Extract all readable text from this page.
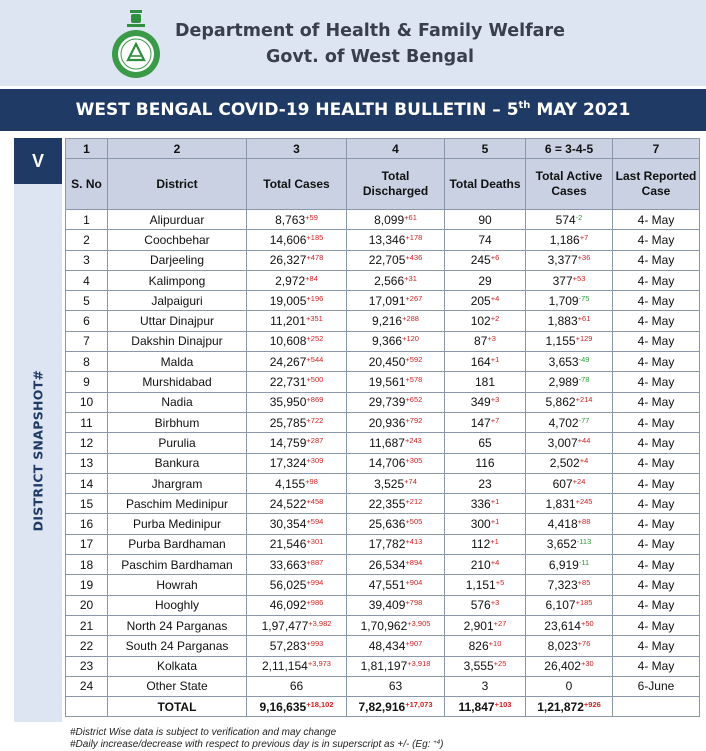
Department of Health & Family Welfare
Govt. of West Bengal
WEST BENGAL COVID-19 HEALTH BULLETIN – 5th MAY 2021
V
DISTRICT SNAPSHOT#
1	2	3	4	5	6 = 3-4-5	7
S. No	District	Total Cases	Total Discharged	Total Deaths	Total Active Cases	Last Reported Case
1	Alipurduar	$8,763^{+59}$	$8,099^{+61}$	90	$574^{-2}$	4- May
2	Coochbehar	$14,606^{+185}$	$13,346^{+178}$	74	$1,186^{+7}$	4- May
3	Darjeeling	$26,327^{+478}$	$22,705^{+436}$	$245^{+6}$	$3,377^{+36}$	4- May
4	Kalimpong	$2,972^{+84}$	$2,566^{+31}$	29	$377^{+53}$	4- May
5	Jalpaiguri	$19,005^{+196}$	$17,091^{+267}$	$205^{+4}$	$1,709^{-75}$	4- May
6	Uttar Dinajpur	$11,201^{+351}$	$9,216^{+288}$	$102^{+2}$	$1,883^{+61}$	4- May
7	Dakshin Dinajpur	$10,608^{+252}$	$9,366^{+120}$	$87^{+3}$	$1,155^{+129}$	4- May
8	Malda	$24,267^{+544}$	$20,450^{+592}$	$164^{+1}$	$3,653^{-49}$	4- May
9	Murshidabad	$22,731^{+500}$	$19,561^{+578}$	181	$2,989^{-78}$	4- May
10	Nadia	$35,950^{+869}$	$29,739^{+652}$	$349^{+3}$	$5,862^{+214}$	4- May
11	Birbhum	$25,785^{+722}$	$20,936^{+792}$	$147^{+7}$	$4,702^{-77}$	4- May
12	Purulia	$14,759^{+287}$	$11,687^{+243}$	65	$3,007^{+44}$	4- May
13	Bankura	$17,324^{+309}$	$14,706^{+305}$	116	$2,502^{+4}$	4- May
14	Jhargram	$4,155^{+98}$	$3,525^{+74}$	23	$607^{+24}$	4- May
15	Paschim Medinipur	$24,522^{+458}$	$22,355^{+212}$	$336^{+1}$	$1,831^{+245}$	4- May
16	Purba Medinipur	$30,354^{+594}$	$25,636^{+505}$	$300^{+1}$	$4,418^{+88}$	4- May
17	Purba Bardhaman	$21,546^{+301}$	$17,782^{+413}$	$112^{+1}$	$3,652^{-113}$	4- May
18	Paschim Bardhaman	$33,663^{+887}$	$26,534^{+894}$	$210^{+4}$	$6,919^{-11}$	4- May
19	Howrah	$56,025^{+994}$	$47,551^{+904}$	$1,151^{+5}$	$7,323^{+85}$	4- May
20	Hooghly	$46,092^{+986}$	$39,409^{+798}$	$576^{+3}$	$6,107^{+185}$	4- May
21	North 24 Parganas	$1,97,477^{+3,982}$	$1,70,962^{+3,905}$	$2,901^{+27}$	$23,614^{+50}$	4- May
22	South 24 Parganas	$57,283^{+993}$	$48,434^{+907}$	$826^{+10}$	$8,023^{+76}$	4- May
23	Kolkata	$2,11,154^{+3,973}$	$1,81,197^{+3,918}$	$3,555^{+25}$	$26,402^{+30}$	4- May
24	Other State	66	63	3	0	6-June
	TOTAL	$9,16,635^{+18,102}$	$7,82,916^{+17,073}$	$11,847^{+103}$	$1,21,872^{+926}$	
#District Wise data is subject to verification and may change
#Daily increase/decrease with respect to previous day is in superscript as +/- (Eg: $^{+4}$)
